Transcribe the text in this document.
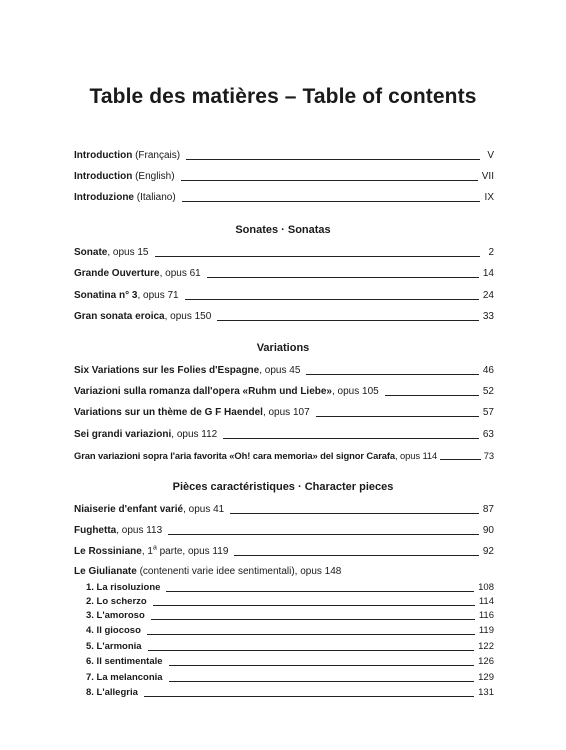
Table des matières – Table of contents
Introduction (Français)	V
Introduction (English)	VII
Introduzione (Italiano)	IX
Sonates · Sonatas
Sonate, opus 15	2
Grande Ouverture, opus 61	14
Sonatina n° 3, opus 71	24
Gran sonata eroica, opus 150	33
Variations
Six Variations sur les Folies d'Espagne, opus 45	46
Variazioni sulla romanza dall'opera «Ruhm und Liebe», opus 105	52
Variations sur un thème de G F Haendel, opus 107	57
Sei grandi variazioni, opus 112	63
Gran variazioni sopra l'aria favorita «Oh! cara memoria» del signor Carafa, opus 114	73
Pièces caractéristiques · Character pieces
Niaiserie d'enfant varié, opus 41	87
Fughetta, opus 113	90
Le Rossiniane, 1$^a$ parte, opus 119	92
Le Giulianate (contenenti varie idee sentimentali), opus 148
1. La risoluzione	108
2. Lo scherzo	114
3. L'amoroso	116
4. Il giocoso	119
5. L'armonia	122
6. Il sentimentale	126
7. La melanconia	129
8. L'allegria	131
